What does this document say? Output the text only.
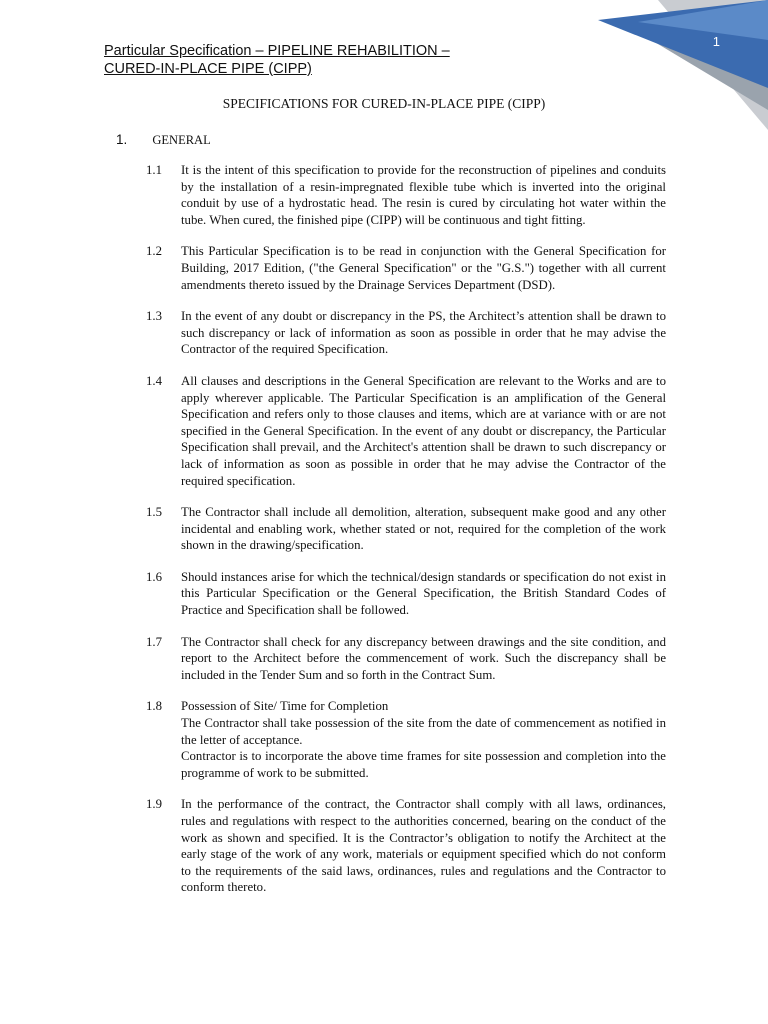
1
Particular Specification – PIPELINE REHABILITION –
CURED-IN-PLACE PIPE (CIPP)
SPECIFICATIONS FOR CURED-IN-PLACE PIPE (CIPP)
1. GENERAL
1.1	It is the intent of this specification to provide for the reconstruction of pipelines and conduits by the installation of a resin-impregnated flexible tube which is inverted into the original conduit by use of a hydrostatic head. The resin is cured by circulating hot water within the tube. When cured, the finished pipe (CIPP) will be continuous and tight fitting.

1.2	This Particular Specification is to be read in conjunction with the General Specification for Building, 2017 Edition, ("the General Specification" or the "G.S.") together with all current amendments thereto issued by the Drainage Services Department (DSD).

1.3	In the event of any doubt or discrepancy in the PS, the Architect’s attention shall be drawn to such discrepancy or lack of information as soon as possible in order that he may advise the Contractor of the required Specification.

1.4	All clauses and descriptions in the General Specification are relevant to the Works and are to apply wherever applicable. The Particular Specification is an amplification of the General Specification and refers only to those clauses and items, which are at variance with or are not specified in the General Specification. In the event of any doubt or discrepancy, the Particular Specification shall prevail, and the Architect's attention shall be drawn to such discrepancy or lack of information as soon as possible in order that he may advise the Contractor of the required specification.

1.5	The Contractor shall include all demolition, alteration, subsequent make good and any other incidental and enabling work, whether stated or not, required for the completion of the work shown in the drawing/specification.

1.6	Should instances arise for which the technical/design standards or specification do not exist in this Particular Specification or the General Specification, the British Standard Codes of Practice and Specification shall be followed.

1.7	The Contractor shall check for any discrepancy between drawings and the site condition, and report to the Architect before the commencement of work. Such the discrepancy shall be included in the Tender Sum and so forth in the Contract Sum.

1.8	Possession of Site/ Time for Completion

The Contractor shall take possession of the site from the date of commencement as notified in the letter of acceptance.

Contractor is to incorporate the above time frames for site possession and completion into the programme of work to be submitted.

1.9	In the performance of the contract, the Contractor shall comply with all laws, ordinances, rules and regulations with respect to the authorities concerned, bearing on the conduct of the work as shown and specified. It is the Contractor’s obligation to notify the Architect at the early stage of the work of any work, materials or equipment specified which do not conform to the requirements of the said laws, ordinances, rules and regulations and the Contractor to conform thereto.
